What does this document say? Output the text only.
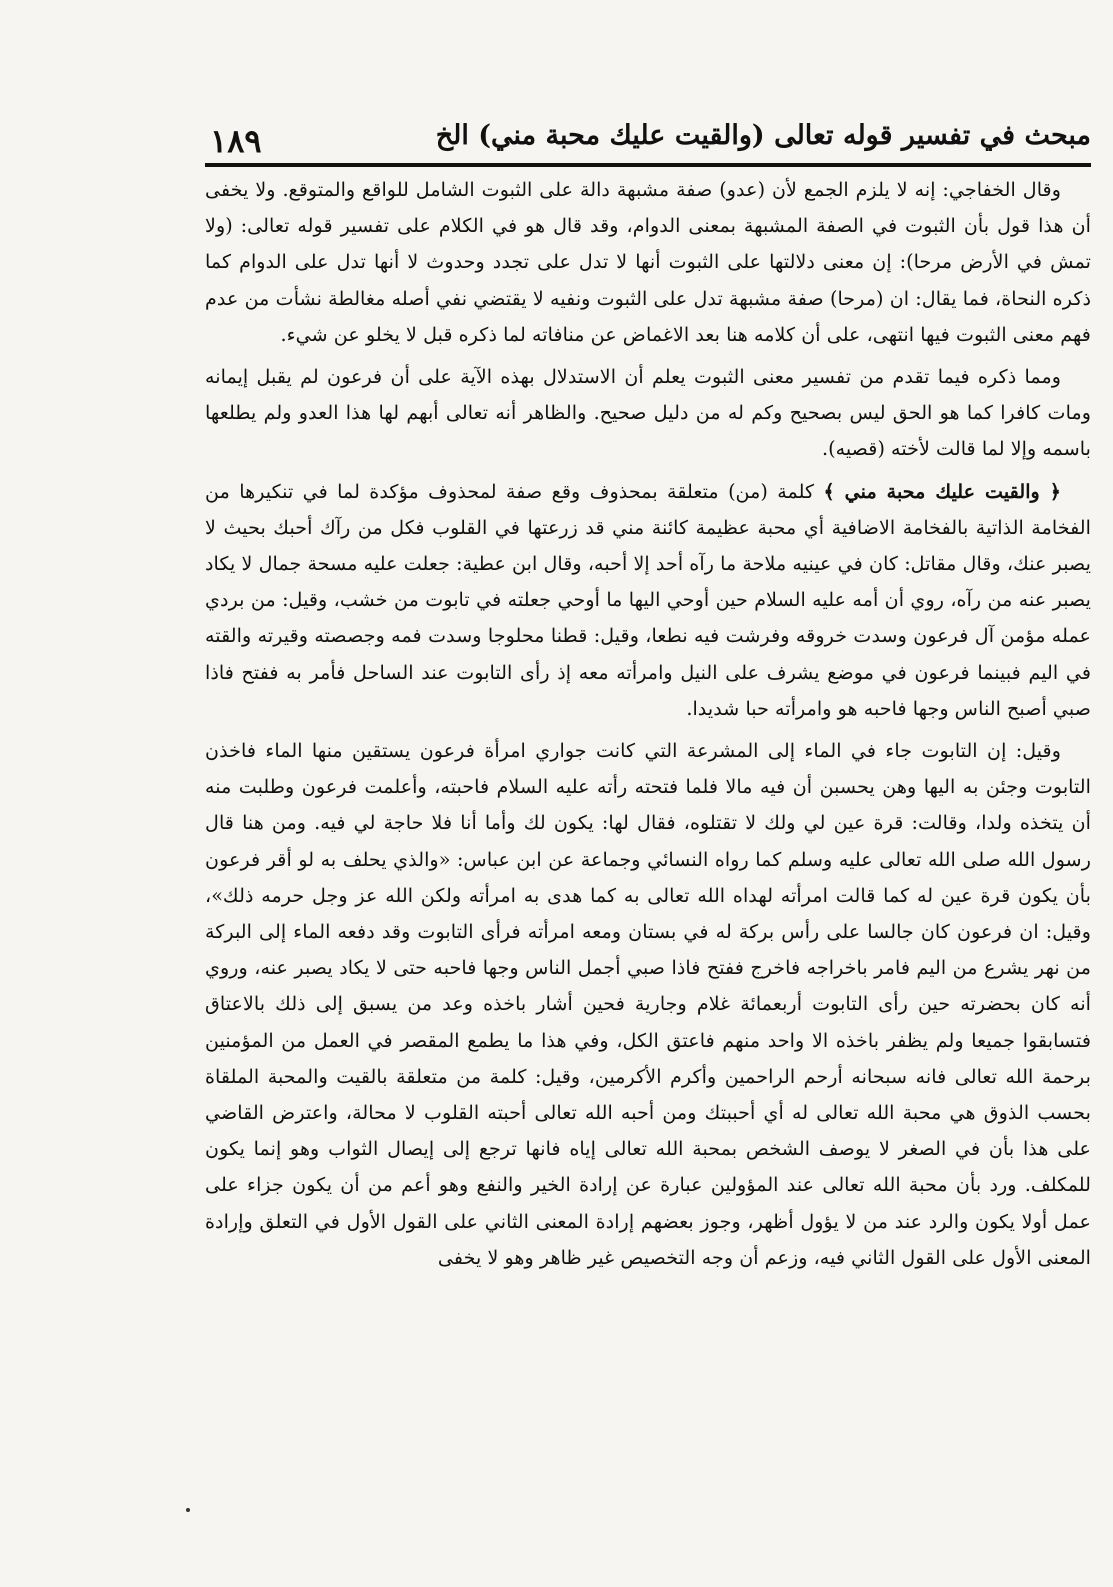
مبحث في تفسير قوله تعالى (والقيت عليك محبة مني) الخ
١٨٩

وقال الخفاجي: إنه لا يلزم الجمع لأن (عدو) صفة مشبهة دالة على الثبوت الشامل للواقع والمتوقع. ولا يخفى أن هذا قول بأن الثبوت في الصفة المشبهة بمعنى الدوام، وقد قال هو في الكلام على تفسير قوله تعالى: (ولا تمش في الأرض مرحا): إن معنى دلالتها على الثبوت أنها لا تدل على تجدد وحدوث لا أنها تدل على الدوام كما ذكره النحاة، فما يقال: ان (مرحا) صفة مشبهة تدل على الثبوت ونفيه لا يقتضي نفي أصله مغالطة نشأت من عدم فهم معنى الثبوت فيها انتهى، على أن كلامه هنا بعد الاغماض عن منافاته لما ذكره قبل لا يخلو عن شيء.

ومما ذكره فيما تقدم من تفسير معنى الثبوت يعلم أن الاستدلال بهذه الآية على أن فرعون لم يقبل إيمانه ومات كافرا كما هو الحق ليس بصحيح وكم له من دليل صحيح. والظاهر أنه تعالى أبهم لها هذا العدو ولم يطلعها باسمه وإلا لما قالت لأخته (قصيه).

﴿ والقيت عليك محبة مني ﴾ كلمة (من) متعلقة بمحذوف وقع صفة لمحذوف مؤكدة لما في تنكيرها من الفخامة الذاتية بالفخامة الاضافية أي محبة عظيمة كائنة مني قد زرعتها في القلوب فكل من رآك أحبك بحيث لا يصبر عنك، وقال مقاتل: كان في عينيه ملاحة ما رآه أحد إلا أحبه، وقال ابن عطية: جعلت عليه مسحة جمال لا يكاد يصبر عنه من رآه، روي أن أمه عليه السلام حين أوحي اليها ما أوحي جعلته في تابوت من خشب، وقيل: من بردي عمله مؤمن آل فرعون وسدت خروقه وفرشت فيه نطعا، وقيل: قطنا محلوجا وسدت فمه وجصصته وقيرته والقته في اليم فبينما فرعون في موضع يشرف على النيل وامرأته معه إذ رأى التابوت عند الساحل فأمر به ففتح فاذا صبي أصبح الناس وجها فاحبه هو وامرأته حبا شديدا.

وقيل: إن التابوت جاء في الماء إلى المشرعة التي كانت جواري امرأة فرعون يستقين منها الماء فاخذن التابوت وجئن به اليها وهن يحسبن أن فيه مالا فلما فتحته رأته عليه السلام فاحبته، وأعلمت فرعون وطلبت منه أن يتخذه ولدا، وقالت: قرة عين لي ولك لا تقتلوه، فقال لها: يكون لك وأما أنا فلا حاجة لي فيه. ومن هنا قال رسول الله صلى الله تعالى عليه وسلم كما رواه النسائي وجماعة عن ابن عباس: «والذي يحلف به لو أقر فرعون بأن يكون قرة عين له كما قالت امرأته لهداه الله تعالى به كما هدى به امرأته ولكن الله عز وجل حرمه ذلك»، وقيل: ان فرعون كان جالسا على رأس بركة له في بستان ومعه امرأته فرأى التابوت وقد دفعه الماء إلى البركة من نهر يشرع من اليم فامر باخراجه فاخرج ففتح فاذا صبي أجمل الناس وجها فاحبه حتى لا يكاد يصبر عنه، وروي أنه كان بحضرته حين رأى التابوت أربعمائة غلام وجارية فحين أشار باخذه وعد من يسبق إلى ذلك بالاعتاق فتسابقوا جميعا ولم يظفر باخذه الا واحد منهم فاعتق الكل، وفي هذا ما يطمع المقصر في العمل من المؤمنين برحمة الله تعالى فانه سبحانه أرحم الراحمين وأكرم الأكرمين، وقيل: كلمة من متعلقة بالقيت والمحبة الملقاة بحسب الذوق هي محبة الله تعالى له أي أحببتك ومن أحبه الله تعالى أحبته القلوب لا محالة، واعترض القاضي على هذا بأن في الصغر لا يوصف الشخص بمحبة الله تعالى إياه فانها ترجع إلى إيصال الثواب وهو إنما يكون للمكلف. ورد بأن محبة الله تعالى عند المؤولين عبارة عن إرادة الخير والنفع وهو أعم من أن يكون جزاء على عمل أولا يكون والرد عند من لا يؤول أظهر، وجوز بعضهم إرادة المعنى الثاني على القول الأول في التعلق وإرادة المعنى الأول على القول الثاني فيه، وزعم أن وجه التخصيص غير ظاهر وهو لا يخفى
